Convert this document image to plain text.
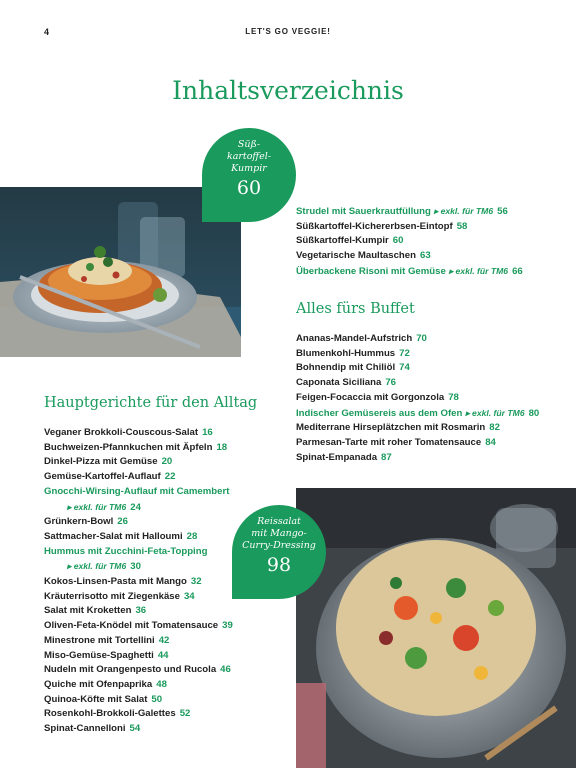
4	LET'S GO VEGGIE!
Inhaltsverzeichnis
Süß-
kartoffel-
Kumpir
60
Strudel mit Sauerkrautfüllung ▸ exkl. für TM6 56
Süßkartoffel-Kichererbsen-Eintopf 58
Süßkartoffel-Kumpir 60
Vegetarische Maultaschen 63
Überbackene Risoni mit Gemüse ▸ exkl. für TM6 66
Alles fürs Buffet
Ananas-Mandel-Aufstrich 70
Blumenkohl-Hummus 72
Bohnendip mit Chiliöl 74
Caponata Siciliana 76
Feigen-Focaccia mit Gorgonzola 78
Indischer Gemüsereis aus dem Ofen ▸ exkl. für TM6 80
Mediterrane Hirseplätzchen mit Rosmarin 82
Parmesan-Tarte mit roher Tomatensauce 84
Spinat-Empanada 87
Hauptgerichte für den Alltag
Veganer Brokkoli-Couscous-Salat 16
Buchweizen-Pfannkuchen mit Äpfeln 18
Dinkel-Pizza mit Gemüse 20
Gemüse-Kartoffel-Auflauf 22
Gnocchi-Wirsing-Auflauf mit Camembert
▸ exkl. für TM6 24
Grünkern-Bowl 26
Sattmacher-Salat mit Halloumi 28
Hummus mit Zucchini-Feta-Topping
▸ exkl. für TM6 30
Kokos-Linsen-Pasta mit Mango 32
Kräuterrisotto mit Ziegenkäse 34
Salat mit Kroketten 36
Oliven-Feta-Knödel mit Tomatensauce 39
Minestrone mit Tortellini 42
Miso-Gemüse-Spaghetti 44
Nudeln mit Orangenpesto und Rucola 46
Quiche mit Ofenpaprika 48
Quinoa-Köfte mit Salat 50
Rosenkohl-Brokkoli-Galettes 52
Spinat-Cannelloni 54
Reissalat
mit Mango-
Curry-Dressing
98
